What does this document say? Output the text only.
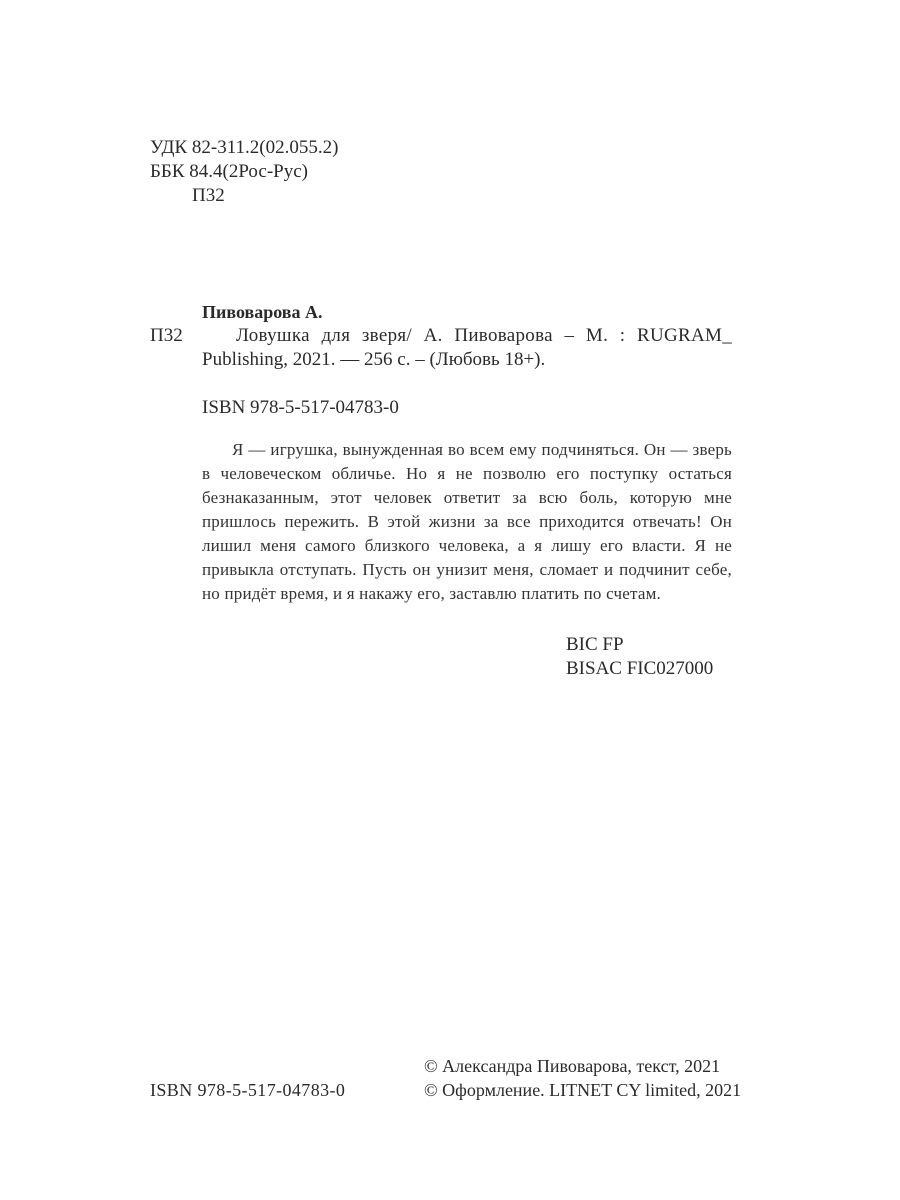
УДК 82-311.2(02.055.2)
ББК 84.4(2Рос-Рус)
П32
Пивоварова А.
П32	Ловушка для зверя/ А. Пивоварова – М. : RUGRAM_
Publishing, 2021. — 256 с. – (Любовь 18+).
ISBN 978-5-517-04783-0

Я — игрушка, вынужденная во всем ему подчиняться. Он — зверь в человеческом обличье. Но я не позволю его поступку остаться безнаказанным, этот человек ответит за всю боль, которую мне пришлось пережить. В этой жизни за все приходится отвечать! Он лишил меня самого близкого человека, а я лишу его власти. Я не привыкла отступать. Пусть он унизит меня, сломает и подчинит себе, но придёт время, и я накажу его, заставлю платить по счетам.

BIC FP
BISAC FIC027000
ISBN 978-5-517-04783-0
© Александра Пивоварова, текст, 2021
© Оформление. LITNET CY limited, 2021
